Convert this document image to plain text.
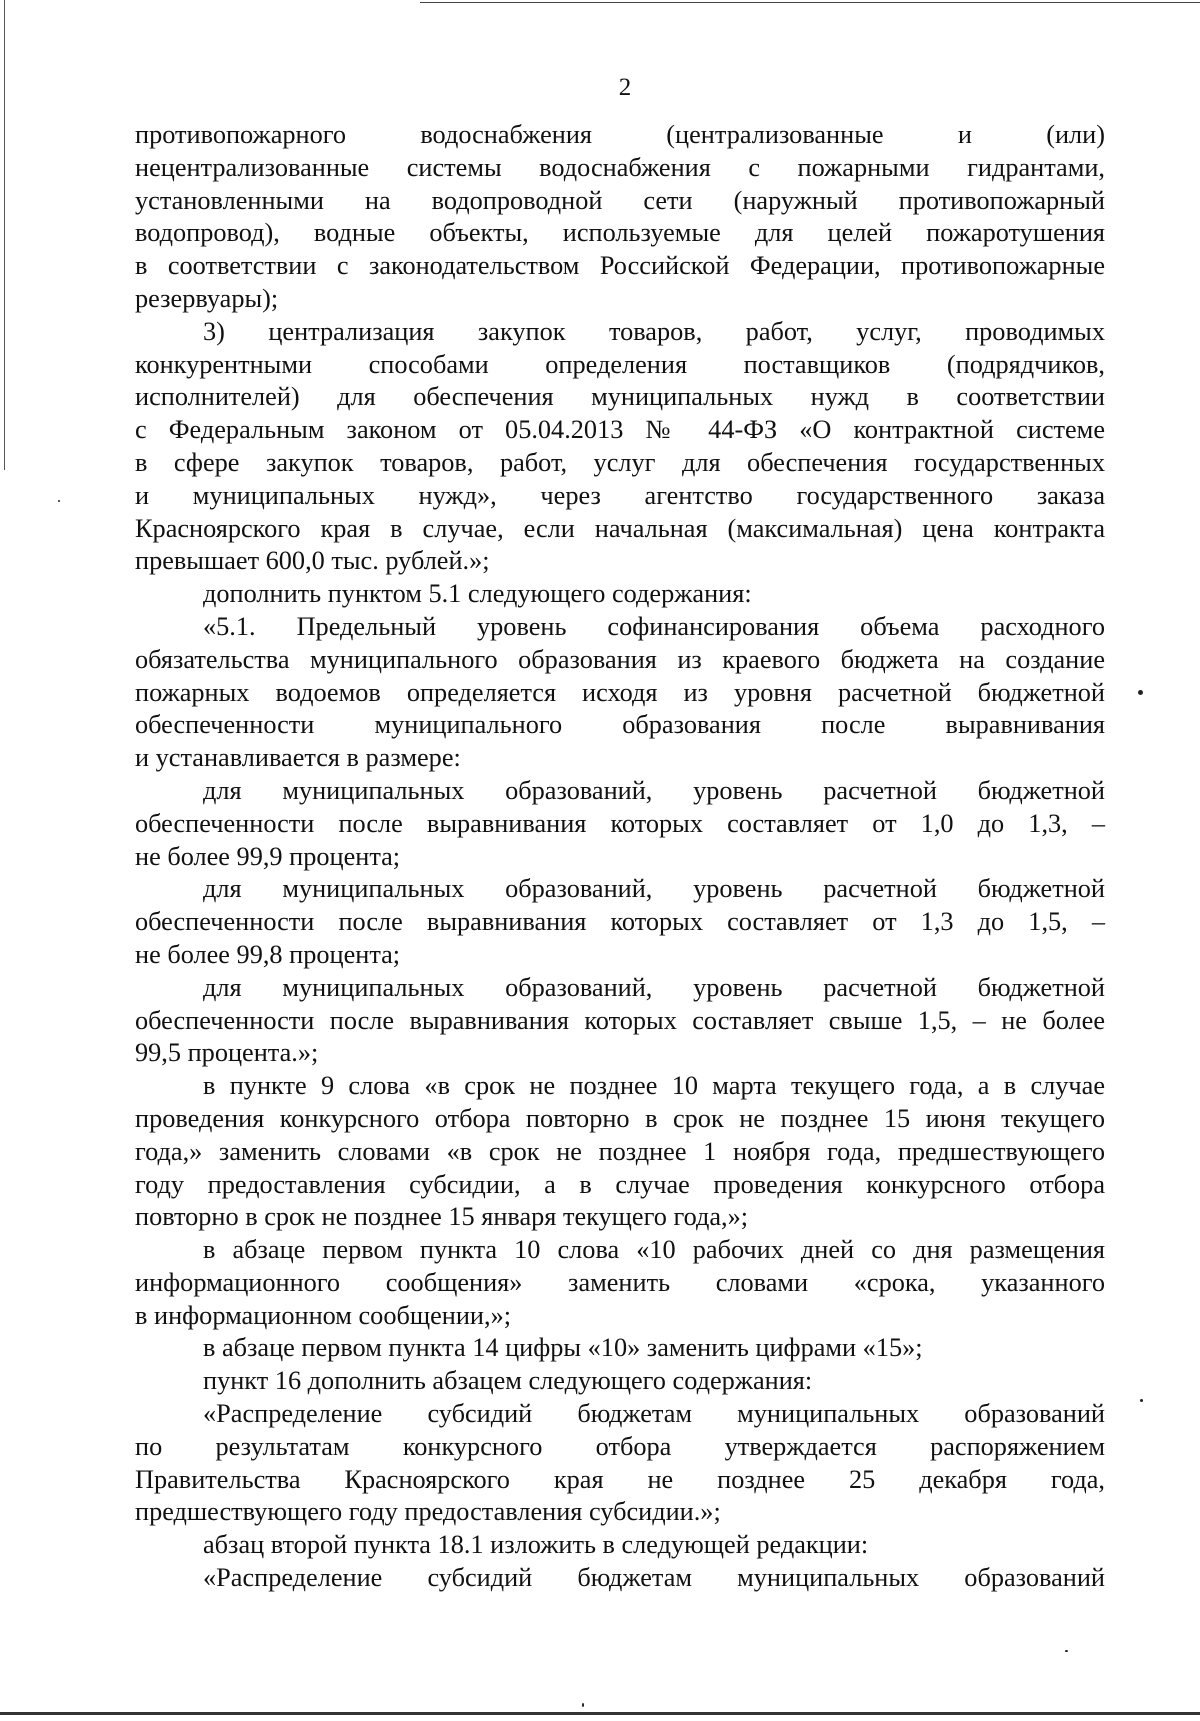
2
противопожарного водоснабжения (централизованные и (или)
нецентрализованные системы водоснабжения с пожарными гидрантами,
установленными на водопроводной сети (наружный противопожарный
водопровод), водные объекты, используемые для целей пожаротушения
в соответствии с законодательством Российской Федерации, противопожарные
резервуары);
3) централизация закупок товаров, работ, услуг, проводимых
конкурентными способами определения поставщиков (подрядчиков,
исполнителей) для обеспечения муниципальных нужд в соответствии
с Федеральным законом от 05.04.2013 № 44-ФЗ «О контрактной системе
в сфере закупок товаров, работ, услуг для обеспечения государственных
и муниципальных нужд», через агентство государственного заказа
Красноярского края в случае, если начальная (максимальная) цена контракта
превышает 600,0 тыс. рублей.»;
дополнить пунктом 5.1 следующего содержания:
«5.1. Предельный уровень софинансирования объема расходного
обязательства муниципального образования из краевого бюджета на создание
пожарных водоемов определяется исходя из уровня расчетной бюджетной
обеспеченности муниципального образования после выравнивания
и устанавливается в размере:
для муниципальных образований, уровень расчетной бюджетной
обеспеченности после выравнивания которых составляет от 1,0 до 1,3, –
не более 99,9 процента;
для муниципальных образований, уровень расчетной бюджетной
обеспеченности после выравнивания которых составляет от 1,3 до 1,5, –
не более 99,8 процента;
для муниципальных образований, уровень расчетной бюджетной
обеспеченности после выравнивания которых составляет свыше 1,5, – не более
99,5 процента.»;
в пункте 9 слова «в срок не позднее 10 марта текущего года, а в случае
проведения конкурсного отбора повторно в срок не позднее 15 июня текущего
года,» заменить словами «в срок не позднее 1 ноября года, предшествующего
году предоставления субсидии, а в случае проведения конкурсного отбора
повторно в срок не позднее 15 января текущего года,»;
в абзаце первом пункта 10 слова «10 рабочих дней со дня размещения
информационного сообщения» заменить словами «срока, указанного
в информационном сообщении,»;
в абзаце первом пункта 14 цифры «10» заменить цифрами «15»;
пункт 16 дополнить абзацем следующего содержания:
«Распределение субсидий бюджетам муниципальных образований
по результатам конкурсного отбора утверждается распоряжением
Правительства Красноярского края не позднее 25 декабря года,
предшествующего году предоставления субсидии.»;
абзац второй пункта 18.1 изложить в следующей редакции:
«Распределение субсидий бюджетам муниципальных образований
